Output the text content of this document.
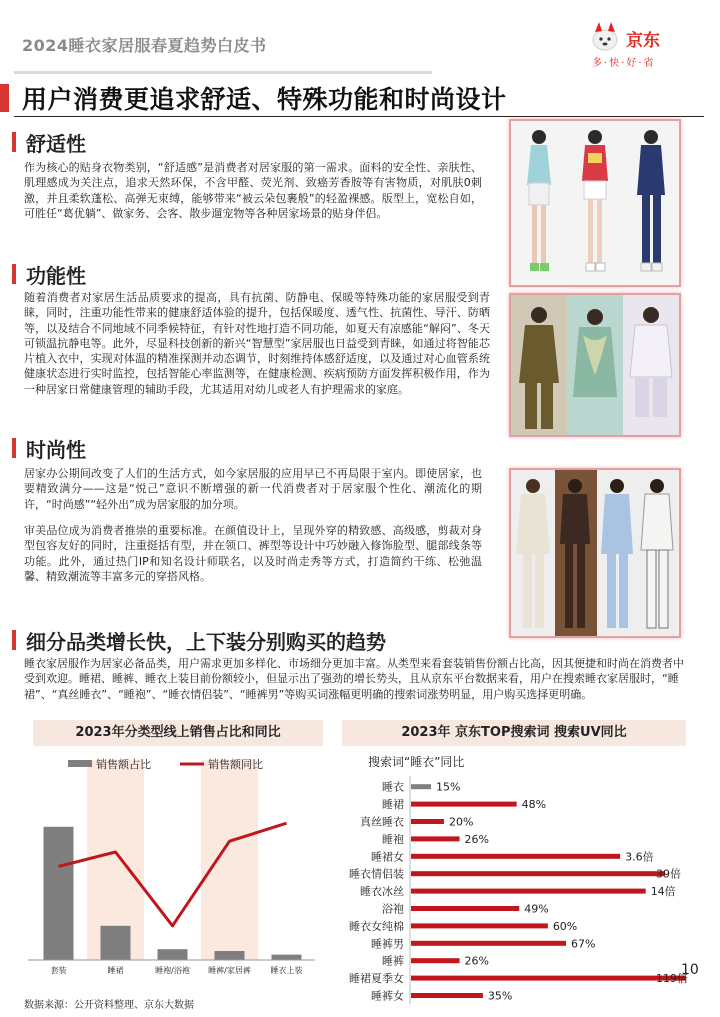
2024睡衣家居服春夏趋势白皮书	京东
多·快·好·省
用户消费更追求舒适、特殊功能和时尚设计
舒适性
作为核心的贴身衣物类别，“舒适感”是消费者对居家服的第一需求。面料的安全性、亲肤性、肌理感成为关注点，追求天然环保，不含甲醛、荧光剂、致癌芳香胺等有害物质，对肌肤0刺激，并且柔软蓬松、高弹无束缚，能够带来“被云朵包裹般”的轻盈裸感。版型上，宽松自如，可胜任“葛优躺”、做家务、会客、散步遛宠物等各种居家场景的贴身伴侣。
功能性
随着消费者对家居生活品质要求的提高，具有抗菌、防静电、保暖等特殊功能的家居服受到青睐，同时，注重功能性带来的健康舒适体验的提升，包括保暖度、透气性、抗菌性、导汗、防晒等，以及结合不同地域不同季候特征，有针对性地打造不同功能，如夏天有凉感能“解闷”、冬天可锁温抗静电等。此外，尽显科技创新的新兴“智慧型”家居服也日益受到青睐，如通过将智能芯片植入衣中，实现对体温的精准探测并动态调节，时刻维持体感舒适度，以及通过对心血管系统健康状态进行实时监控，包括智能心率监测等，在健康检测、疾病预防方面发挥积极作用，作为一种居家日常健康管理的辅助手段，尤其适用对幼儿或老人有护理需求的家庭。
时尚性
居家办公期间改变了人们的生活方式，如今家居服的应用早已不再局限于室内。即使居家，也要精致满分——这是“悦己”意识不断增强的新一代消费者对于居家服个性化、潮流化的期许，“时尚感”“轻外出”成为居家服的加分项。
审美品位成为消费者推崇的重要标准。在颜值设计上，呈现外穿的精致感、高级感，剪裁对身型包容友好的同时，注重挺括有型，并在领口、裤型等设计中巧妙融入修饰脸型、腿部线条等功能。此外，通过热门IP和知名设计师联名，以及时尚走秀等方式，打造简约干练、松弛温馨、精致潮流等丰富多元的穿搭风格。
细分品类增长快，上下装分别购买的趋势
睡衣家居服作为居家必备品类，用户需求更加多样化、市场细分更加丰富。从类型来看套装销售份额占比高，因其便捷和时尚在消费者中受到欢迎。睡裙、睡裤、睡衣上装目前份额较小，但显示出了强劲的增长势头，且从京东平台数据来看，用户在搜索睡衣家居服时，“睡裙”、“真丝睡衣”、“睡袍”、“睡衣情侣装”、“睡裤男”等购买词涨幅更明确的搜索词涨势明显，用户购买选择更明确。
2023年分类型线上销售占比和同比	2023年 京东TOP搜索词 搜索UV同比
销售额占比	销售额同比
套装	睡裙	睡袍/浴袍 睡裤/家居裤 睡衣上装
搜索词“睡衣”同比
睡衣	15%
睡裙	48%
真丝睡衣	20%
睡袍	26%
睡裙女	3.6倍
睡衣情侣装	39倍
睡衣冰丝	14倍
浴袍	49%
睡衣女纯棉	60%
睡裤男	67%
睡裤	26%
睡裙夏季女	119倍
睡裤女	35%
数据来源：公开资料整理、京东大数据
10
